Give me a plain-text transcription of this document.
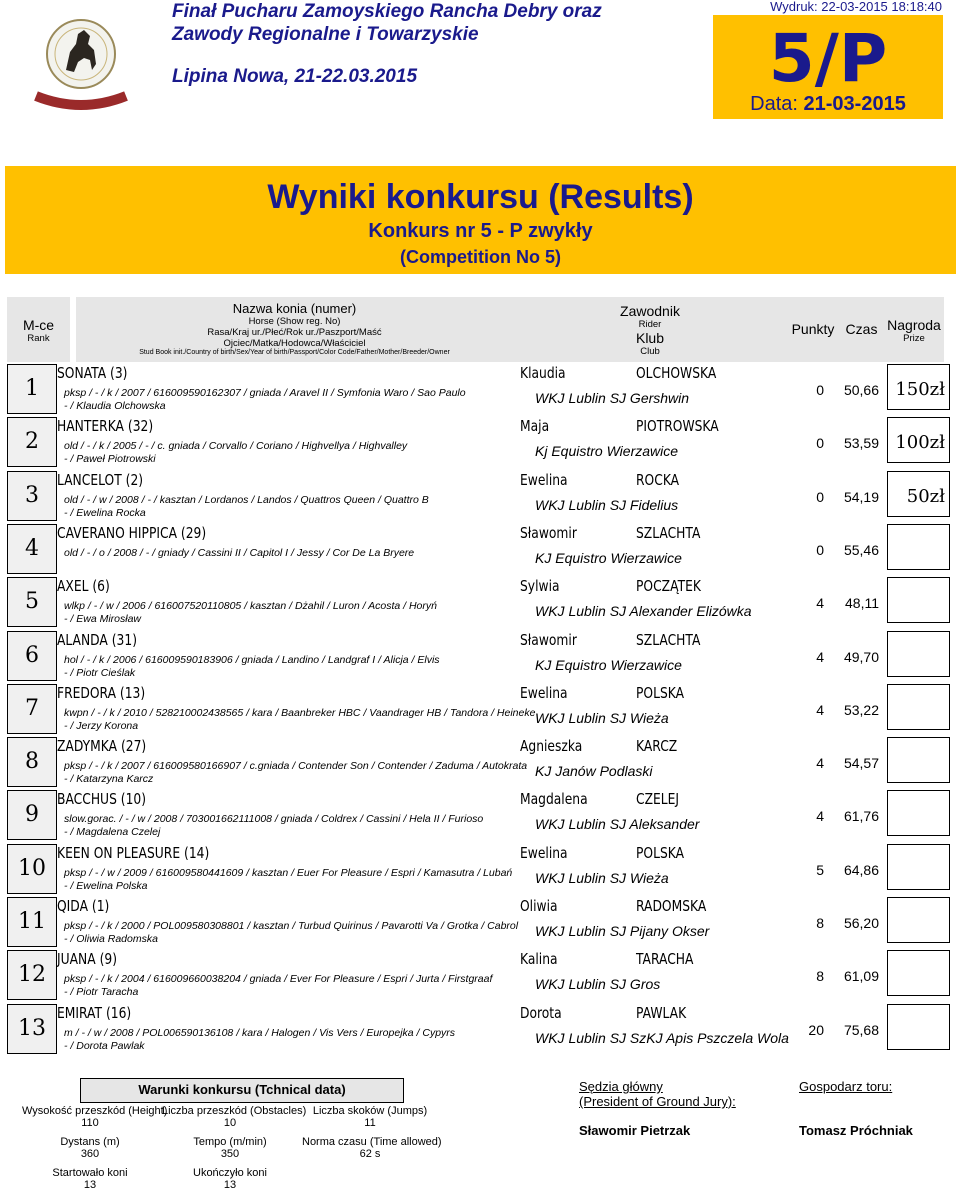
Finał Pucharu Zamoyskiego Rancha Debry oraz
Zawody Regionalne i Towarzyskie
Lipina Nowa, 21-22.03.2015
Wydruk: 22-03-2015 18:18:40
5/P
Data: 21-03-2015
Wyniki konkursu (Results)
Konkurs nr 5 - P zwykły
(Competition No 5)
M-ce
Rank
Nazwa konia (numer)
Horse (Show reg. No)
Rasa/Kraj ur./Płeć/Rok ur./Paszport/Maść
Ojciec/Matka/Hodowca/Właściciel
Stud Book init./Country of birth/Sex/Year of birth/Passport/Color Code/Father/Mother/Breeder/Owner
Zawodnik
Rider
Klub
Club
Punkty Czas Nagroda
Prize
1
SONATA (3)
pksp / - / k / 2007 / 616009590162307 / gniada / Aravel II / Symfonia Waro / Sao Paulo
- / Klaudia Olchowska
Klaudia	OLCHOWSKA
WKJ Lublin SJ Gershwin	0	50,66 150zł
2
HANTERKA (32)
old / - / k / 2005 / - / c. gniada / Corvallo / Coriano / Highvellya / Highvalley
- / Paweł Piotrowski
Maja	PIOTROWSKA
Kj Equistro Wierzawice	0	53,59 100zł
3
LANCELOT (2)
old / - / w / 2008 / - / kasztan / Lordanos / Landos / Quattros Queen / Quattro B
- / Ewelina Rocka
Ewelina	ROCKA
WKJ Lublin SJ Fidelius	0	54,19	50zł
4
CAVERANO HIPPICA (29)
old / - / o / 2008 / - / gniady / Cassini II / Capitol I / Jessy / Cor De La Bryere
Sławomir	SZLACHTA
KJ Equistro Wierzawice	0	55,46
5
AXEL (6)
wlkp / - / w / 2006 / 616007520110805 / kasztan / Dżahil / Luron / Acosta / Horyń
- / Ewa Mirosław
Sylwia	POCZĄTEK
WKJ Lublin SJ Alexander Elizówka	4	48,11
6
ALANDA (31)
hol / - / k / 2006 / 616009590183906 / gniada / Landino / Landgraf I / Alicja / Elvis
- / Piotr Cieślak
Sławomir	SZLACHTA
KJ Equistro Wierzawice	4	49,70
7
FREDORA (13)
kwpn / - / k / 2010 / 528210002438565 / kara / Baanbreker HBC / Vaandrager HB / Tandora / Heineke
- / Jerzy Korona
Ewelina	POLSKA
WKJ Lublin SJ Wieża	4	53,22
8
ZADYMKA (27)
pksp / - / k / 2007 / 616009580166907 / c.gniada / Contender Son / Contender / Zaduma / Autokrata
- / Katarzyna Karcz
Agnieszka	KARCZ
KJ Janów Podlaski	4	54,57
9
BACCHUS (10)
slow.gorac. / - / w / 2008 / 703001662111008 / gniada / Coldrex / Cassini / Hela II / Furioso
- / Magdalena Czelej
Magdalena	CZELEJ
WKJ Lublin SJ Aleksander	4	61,76
10
KEEN ON PLEASURE (14)
pksp / - / w / 2009 / 616009580441609 / kasztan / Euer For Pleasure / Espri / Kamasutra / Lubań
- / Ewelina Polska
Ewelina	POLSKA
WKJ Lublin SJ Wieża	5	64,86
11
QIDA (1)
pksp / - / k / 2000 / POL009580308801 / kasztan / Turbud Quirinus / Pavarotti Va / Grotka / Cabrol
- / Oliwia Radomska
Oliwia	RADOMSKA
WKJ Lublin SJ Pijany Okser	8	56,20
12
JUANA (9)
pksp / - / k / 2004 / 616009660038204 / gniada / Ever For Pleasure / Espri / Jurta / Firstgraaf
- / Piotr Taracha
Kalina	TARACHA
WKJ Lublin SJ Gros	8	61,09
13
EMIRAT (16)
m / - / w / 2008 / POL006590136108 / kara / Halogen / Vis Vers / Europejka / Cypyrs
- / Dorota Pawlak
Dorota	PAWLAK
WKJ Lublin SJ SzKJ Apis Pszczela Wola	20	75,68
Warunki konkursu (Tchnical data)
Wysokość przeszkód (Height)
110
Liczba przeszkód (Obstacles)
10
Liczba skoków (Jumps)
11
Dystans (m)
360
Tempo (m/min)
350
Norma czasu (Time allowed)
62 s
Startowało koni
13
Ukończyło koni
13
Sędzia główny
(President of Ground Jury):
Sławomir Pietrzak
Gospodarz toru:
Tomasz Próchniak
